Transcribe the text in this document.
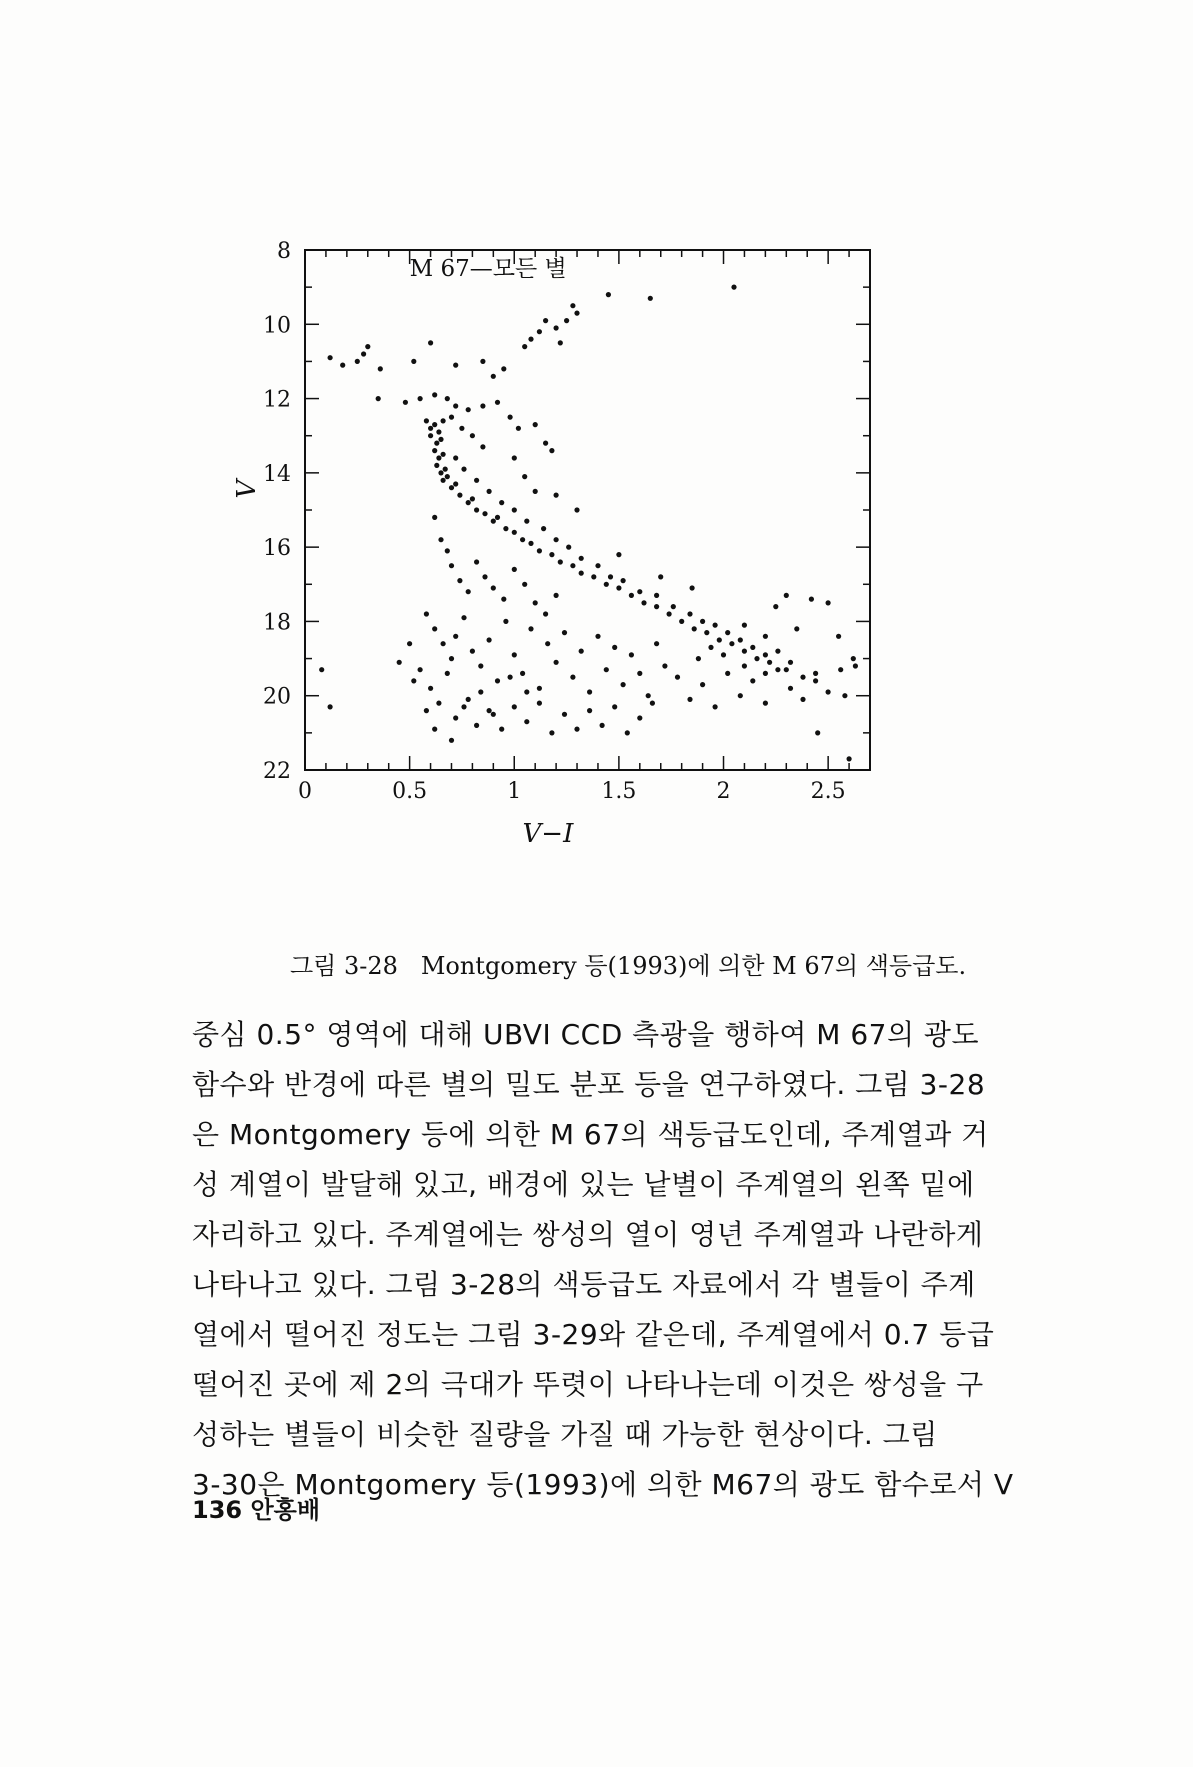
0	0.5	1	1.5	2	2.5
8
10
12
14
16
18
20
22
V−I
V
M 67—모든 별
그림 3-28 Montgomery 등(1993)에 의한 M 67의 색등급도.
중심 0.5° 영역에 대해 UBVI CCD 측광을 행하여 M 67의 광도
함수와 반경에 따른 별의 밀도 분포 등을 연구하였다. 그림 3-28
은 Montgomery 등에 의한 M 67의 색등급도인데, 주계열과 거
성 계열이 발달해 있고, 배경에 있는 낱별이 주계열의 왼쪽 밑에
자리하고 있다. 주계열에는 쌍성의 열이 영년 주계열과 나란하게
나타나고 있다. 그림 3-28의 색등급도 자료에서 각 별들이 주계
열에서 떨어진 정도는 그림 3-29와 같은데, 주계열에서 0.7 등급
떨어진 곳에 제 2의 극대가 뚜렷이 나타나는데 이것은 쌍성을 구
성하는 별들이 비슷한 질량을 가질 때 가능한 현상이다. 그림
3-30은 Montgomery 등(1993)에 의한 M67의 광도 함수로서 V
136 안홍배
